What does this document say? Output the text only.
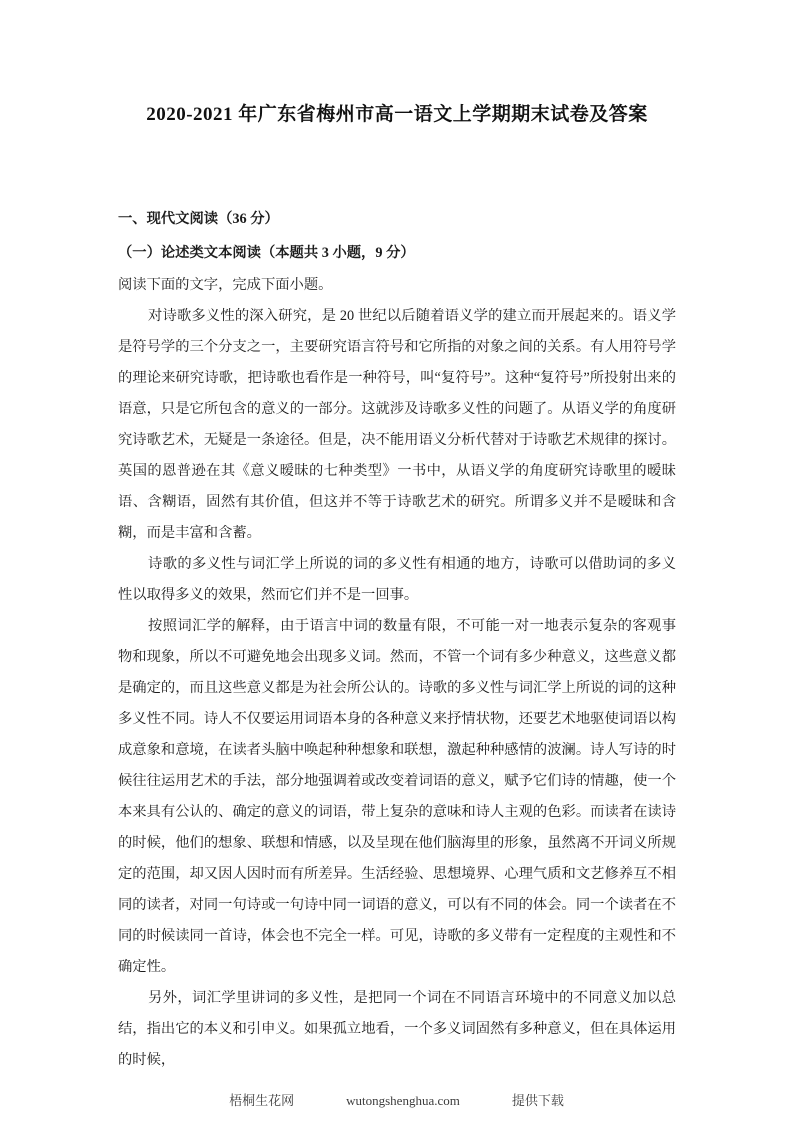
2020-2021 年广东省梅州市高一语文上学期期末试卷及答案
一、现代文阅读（36 分）
（一）论述类文本阅读（本题共 3 小题，9 分）
阅读下面的文字，完成下面小题。

对诗歌多义性的深入研究，是 20 世纪以后随着语义学的建立而开展起来的。语义学是符号学的三个分支之一，主要研究语言符号和它所指的对象之间的关系。有人用符号学的理论来研究诗歌，把诗歌也看作是一种符号，叫“复符号”。这种“复符号”所投射出来的语意，只是它所包含的意义的一部分。这就涉及诗歌多义性的问题了。从语义学的角度研究诗歌艺术，无疑是一条途径。但是，决不能用语义分析代替对于诗歌艺术规律的探讨。英国的恩普逊在其《意义暧昧的七种类型》一书中，从语义学的角度研究诗歌里的暧昧语、含糊语，固然有其价值，但这并不等于诗歌艺术的研究。所谓多义并不是暧昧和含糊，而是丰富和含蓄。

诗歌的多义性与词汇学上所说的词的多义性有相通的地方，诗歌可以借助词的多义性以取得多义的效果，然而它们并不是一回事。

按照词汇学的解释，由于语言中词的数量有限，不可能一对一地表示复杂的客观事物和现象，所以不可避免地会出现多义词。然而，不管一个词有多少种意义，这些意义都是确定的，而且这些意义都是为社会所公认的。诗歌的多义性与词汇学上所说的词的这种多义性不同。诗人不仅要运用词语本身的各种意义来抒情状物，还要艺术地驱使词语以构成意象和意境，在读者头脑中唤起种种想象和联想，激起种种感情的波澜。诗人写诗的时候往往运用艺术的手法，部分地强调着或改变着词语的意义，赋予它们诗的情趣，使一个本来具有公认的、确定的意义的词语，带上复杂的意味和诗人主观的色彩。而读者在读诗的时候，他们的想象、联想和情感，以及呈现在他们脑海里的形象，虽然离不开词义所规定的范围，却又因人因时而有所差异。生活经验、思想境界、心理气质和文艺修养互不相同的读者，对同一句诗或一句诗中同一词语的意义，可以有不同的体会。同一个读者在不同的时候读同一首诗，体会也不完全一样。可见，诗歌的多义带有一定程度的主观性和不确定性。

另外，词汇学里讲词的多义性，是把同一个词在不同语言环境中的不同意义加以总结，指出它的本义和引申义。如果孤立地看，一个多义词固然有多种意义，但在具体运用的时候，

梧桐生花网	wutongshenghua.com	提供下载
